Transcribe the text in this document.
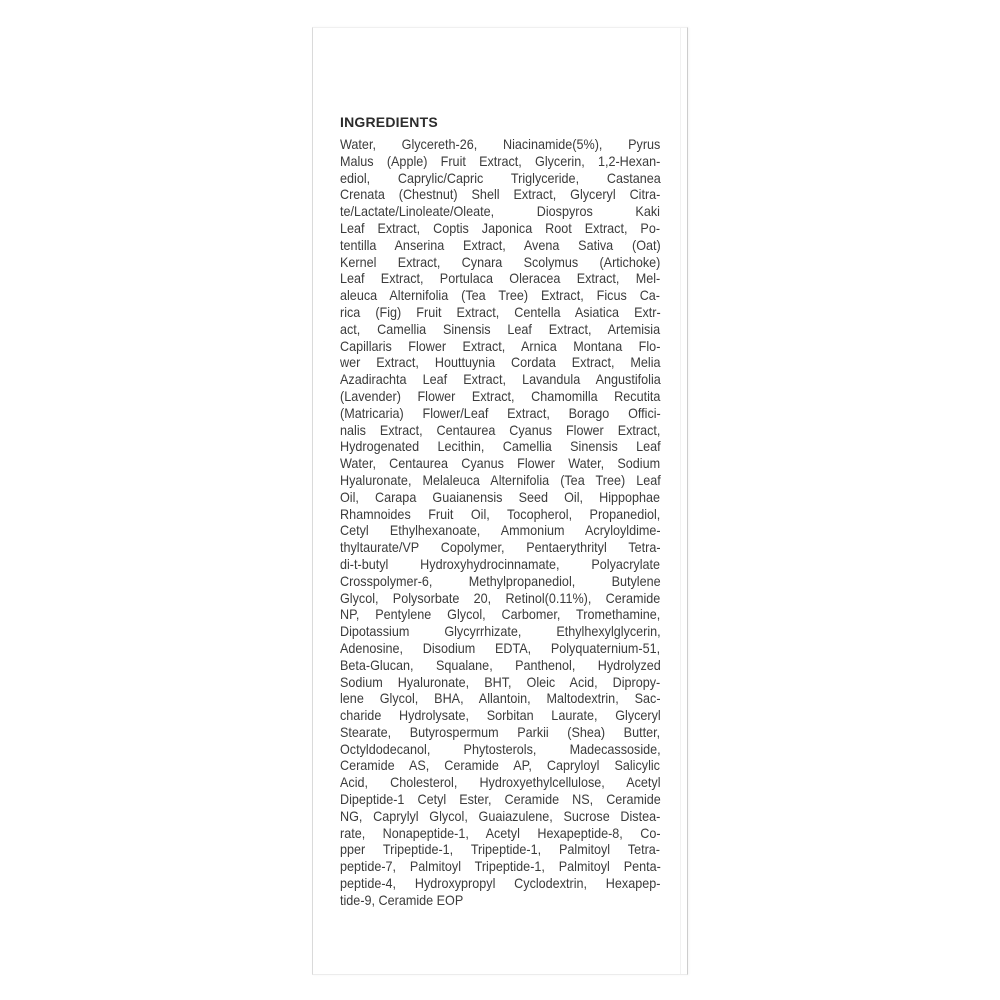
INGREDIENTS
Water, Glycereth-26, Niacinamide(5%), Pyrus
Malus (Apple) Fruit Extract, Glycerin, 1,2-Hexan-
ediol, Caprylic/Capric Triglyceride, Castanea
Crenata (Chestnut) Shell Extract, Glyceryl Citra-
te/Lactate/Linoleate/Oleate, Diospyros Kaki
Leaf Extract, Coptis Japonica Root Extract, Po-
tentilla Anserina Extract, Avena Sativa (Oat)
Kernel Extract, Cynara Scolymus (Artichoke)
Leaf Extract, Portulaca Oleracea Extract, Mel-
aleuca Alternifolia (Tea Tree) Extract, Ficus Ca-
rica (Fig) Fruit Extract, Centella Asiatica Extr-
act, Camellia Sinensis Leaf Extract, Artemisia
Capillaris Flower Extract, Arnica Montana Flo-
wer Extract, Houttuynia Cordata Extract, Melia
Azadirachta Leaf Extract, Lavandula Angustifolia
(Lavender) Flower Extract, Chamomilla Recutita
(Matricaria) Flower/Leaf Extract, Borago Offici-
nalis Extract, Centaurea Cyanus Flower Extract,
Hydrogenated Lecithin, Camellia Sinensis Leaf
Water, Centaurea Cyanus Flower Water, Sodium
Hyaluronate, Melaleuca Alternifolia (Tea Tree) Leaf
Oil, Carapa Guaianensis Seed Oil, Hippophae
Rhamnoides Fruit Oil, Tocopherol, Propanediol,
Cetyl Ethylhexanoate, Ammonium Acryloyldime-
thyltaurate/VP Copolymer, Pentaerythrityl Tetra-
di-t-butyl Hydroxyhydrocinnamate, Polyacrylate
Crosspolymer-6, Methylpropanediol, Butylene
Glycol, Polysorbate 20, Retinol(0.11%), Ceramide
NP, Pentylene Glycol, Carbomer, Tromethamine,
Dipotassium Glycyrrhizate, Ethylhexylglycerin,
Adenosine, Disodium EDTA, Polyquaternium-51,
Beta-Glucan, Squalane, Panthenol, Hydrolyzed
Sodium Hyaluronate, BHT, Oleic Acid, Dipropy-
lene Glycol, BHA, Allantoin, Maltodextrin, Sac-
charide Hydrolysate, Sorbitan Laurate, Glyceryl
Stearate, Butyrospermum Parkii (Shea) Butter,
Octyldodecanol, Phytosterols, Madecassoside,
Ceramide AS, Ceramide AP, Capryloyl Salicylic
Acid, Cholesterol, Hydroxyethylcellulose, Acetyl
Dipeptide-1 Cetyl Ester, Ceramide NS, Ceramide
NG, Caprylyl Glycol, Guaiazulene, Sucrose Distea-
rate, Nonapeptide-1, Acetyl Hexapeptide-8, Co-
pper Tripeptide-1, Tripeptide-1, Palmitoyl Tetra-
peptide-7, Palmitoyl Tripeptide-1, Palmitoyl Penta-
peptide-4, Hydroxypropyl Cyclodextrin, Hexapep-
tide-9, Ceramide EOP
